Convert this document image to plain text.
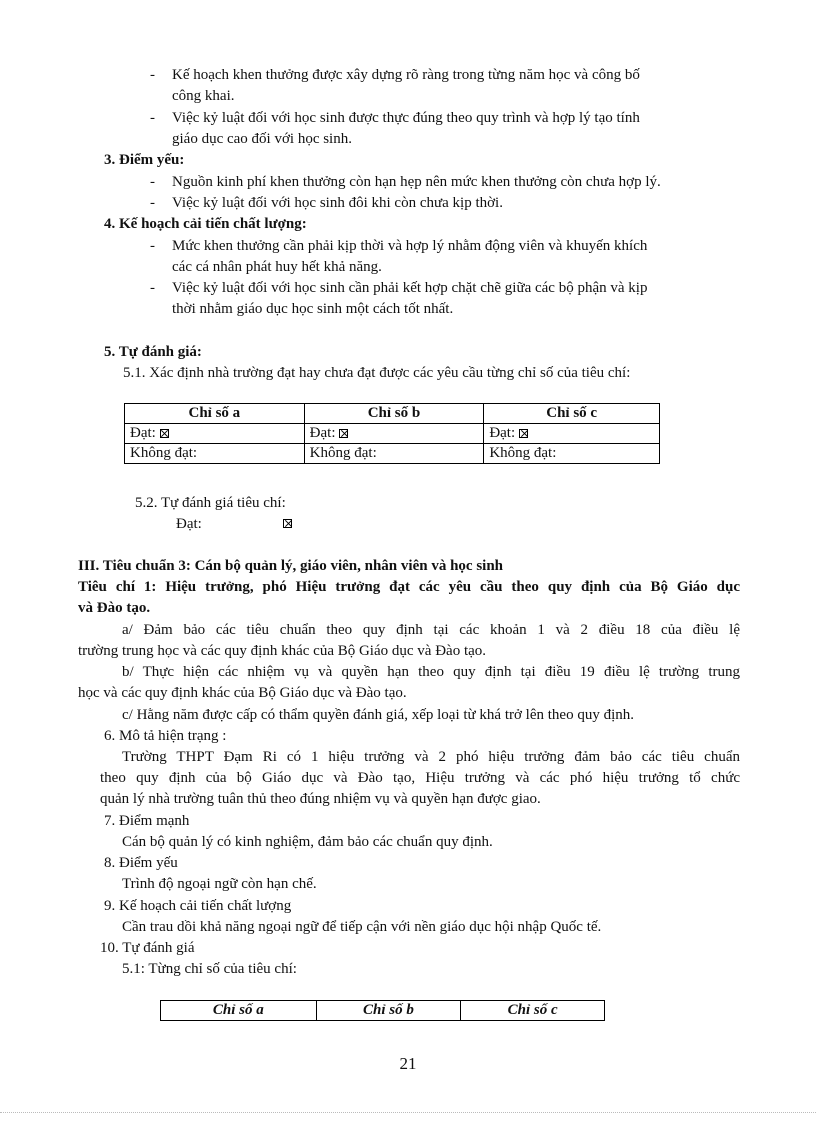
- Kế hoạch khen thưởng được xây dựng rõ ràng trong từng năm học và công bố
công khai.
- Việc kỷ luật đối với học sinh được thực đúng theo quy trình và hợp lý tạo tính
giáo dục cao đối với học sinh.
3. Điểm yếu:
- Nguồn kinh phí khen thưởng còn hạn hẹp nên mức khen thưởng còn chưa hợp lý.
- Việc kỷ luật đối với học sinh đôi khi còn chưa kịp thời.
4. Kế hoạch cải tiến chất lượng:
- Mức khen thưởng cần phải kịp thời và hợp lý nhằm động viên và khuyến khích
các cá nhân phát huy hết khả năng.
- Việc kỷ luật đối với học sinh cần phải kết hợp chặt chẽ giữa các bộ phận và kịp
thời nhằm giáo dục học sinh một cách tốt nhất.
5. Tự đánh giá:
5.1. Xác định nhà trường đạt hay chưa đạt được các yêu cầu từng chỉ số của tiêu chí:
Chỉ số a	Chỉ số b	Chỉ số c
Đạt:	Đạt:	Đạt:
Không đạt:	Không đạt:	Không đạt:
5.2. Tự đánh giá tiêu chí:
Đạt:
III. Tiêu chuẩn 3: Cán bộ quản lý, giáo viên, nhân viên và học sinh
Tiêu chí 1: Hiệu trưởng, phó Hiệu trưởng đạt các yêu cầu theo quy định của Bộ Giáo dục
và Đào tạo.
a/ Đảm bảo các tiêu chuẩn theo quy định tại các khoản 1 và 2 điều 18 của điều lệ
trường trung học và các quy định khác của Bộ Giáo dục và Đào tạo.
b/ Thực hiện các nhiệm vụ và quyền hạn theo quy định tại điều 19 điều lệ trường trung
học và các quy định khác của Bộ Giáo dục và Đào tạo.
c/ Hằng năm được cấp có thẩm quyền đánh giá, xếp loại từ khá trở lên theo quy định.
6. Mô tả hiện trạng :
Trường THPT Đạm Ri có 1 hiệu trưởng và 2 phó hiệu trưởng đảm bảo các tiêu chuẩn
theo quy định của bộ Giáo dục và Đào tạo, Hiệu trưởng và các phó hiệu trưởng tổ chức
quản lý nhà trường tuân thủ theo đúng nhiệm vụ và quyền hạn được giao.
7. Điểm mạnh
Cán bộ quản lý có kinh nghiệm, đảm bảo các chuẩn quy định.
8. Điểm yếu
Trình độ ngoại ngữ còn hạn chế.
9. Kế hoạch cải tiến chất lượng
Cần trau dồi khả năng ngoại ngữ để tiếp cận với nền giáo dục hội nhập Quốc tế.
10. Tự đánh giá
5.1: Từng chỉ số của tiêu chí:
Chỉ số a	Chỉ số b	Chỉ số c
21
